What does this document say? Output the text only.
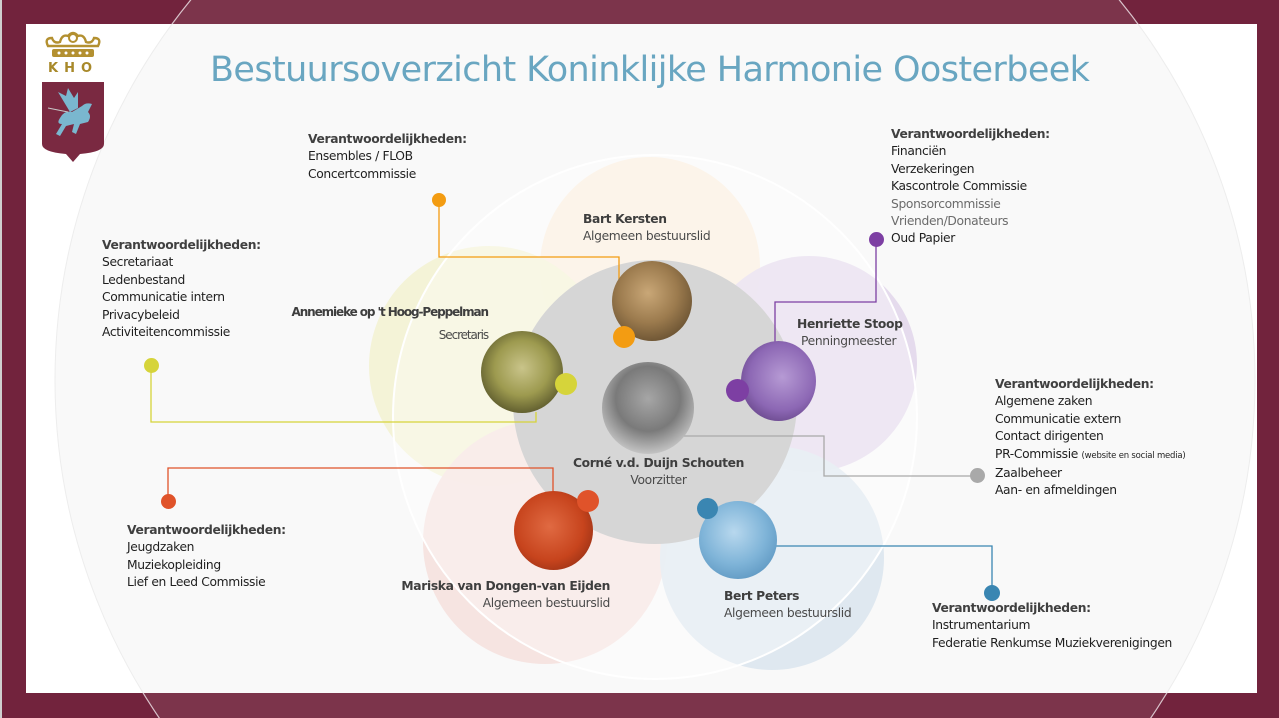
KHO	Bestuursoverzicht Koninklijke Harmonie Oosterbeek
Bart Kersten
Algemeen bestuurslid
Annemieke op 't Hoog-Peppelman
Secretaris
Henriette Stoop
Penningmeester
Corné v.d. Duijn Schouten
Voorzitter
Mariska van Dongen-van Eijden
Algemeen bestuurslid
Bert Peters
Algemeen bestuurslid
Verantwoordelijkheden:
Ensembles / FLOB
Concertcommissie
Verantwoordelijkheden:
Secretariaat
Ledenbestand
Communicatie intern
Privacybeleid
Activiteitencommissie
Verantwoordelijkheden:
Financiën
Verzekeringen
Kascontrole Commissie
Sponsorcommissie
Vrienden/Donateurs
Oud Papier
Verantwoordelijkheden:
Algemene zaken
Communicatie extern
Contact dirigenten
PR-Commissie (website en social media)
Zaalbeheer
Aan- en afmeldingen
Verantwoordelijkheden:
Jeugdzaken
Muziekopleiding
Lief en Leed Commissie
Verantwoordelijkheden:
Instrumentarium
Federatie Renkumse Muziekverenigingen
